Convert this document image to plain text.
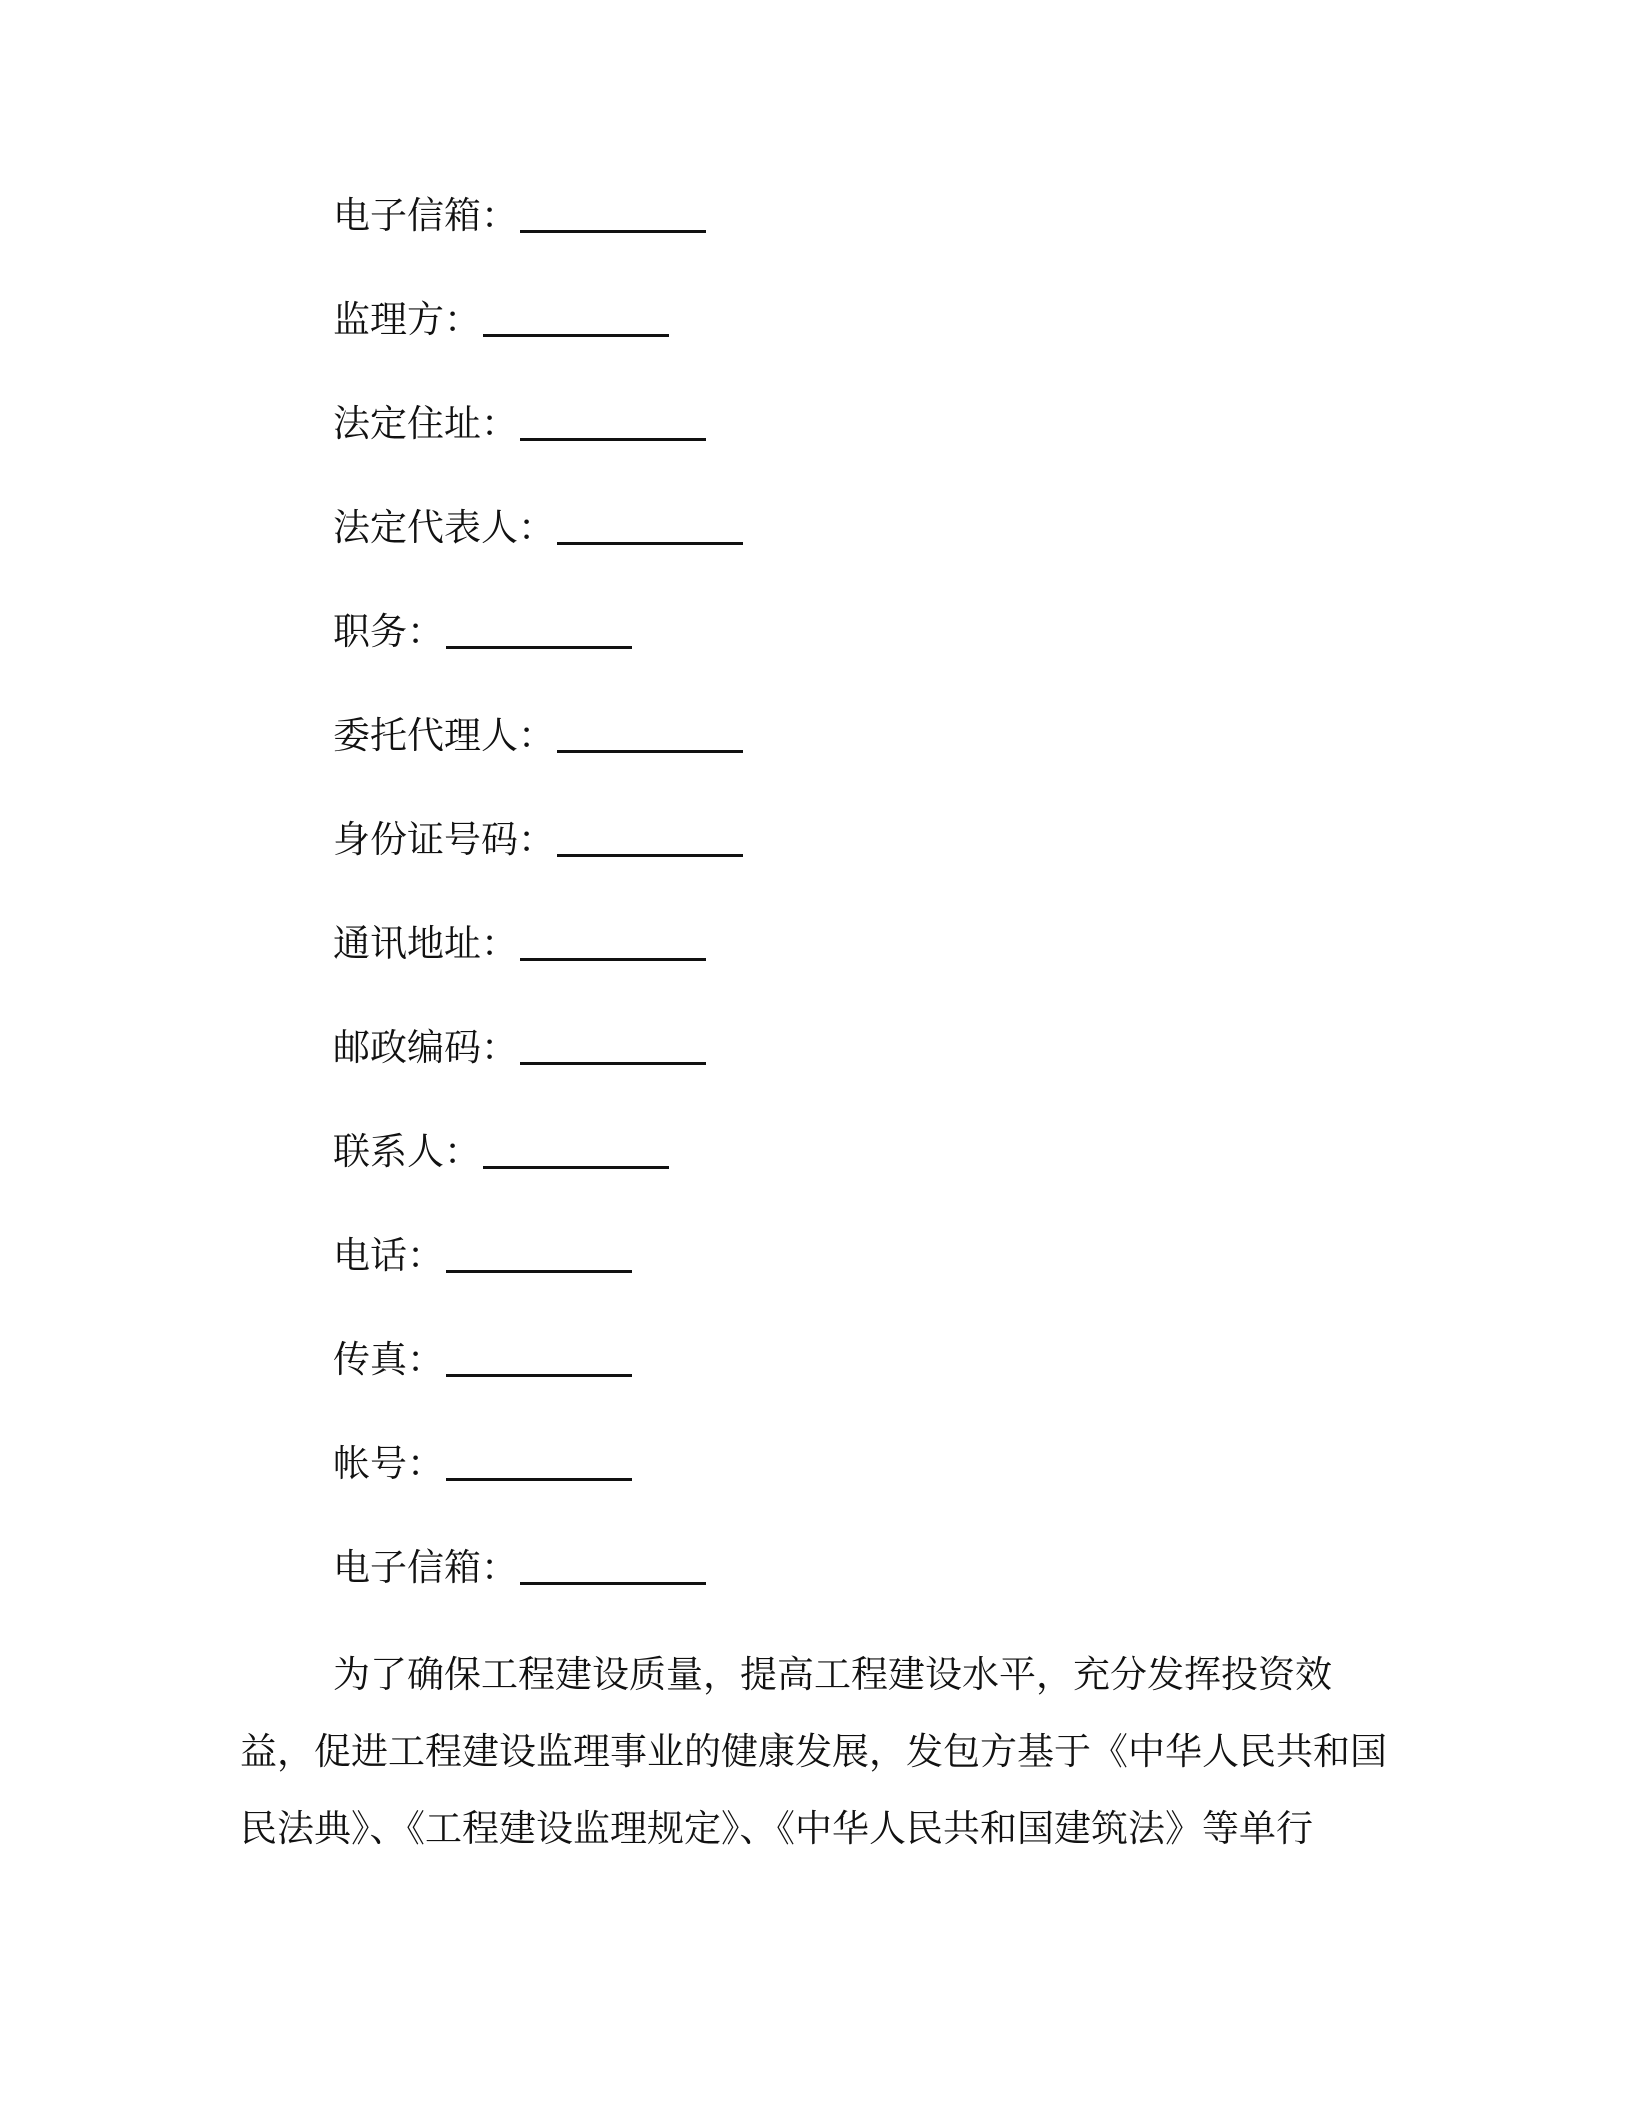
电子信箱：
监理方：
法定住址：
法定代表人：
职务：
委托代理人：
身份证号码：
通讯地址：
邮政编码：
联系人：
电话：
传真：
帐号：
电子信箱：

为了确保工程建设质量，提高工程建设水平，充分发挥投资效益，促进工程建设监理事业的健康发展，发包方基于《中华人民共和国民法典》、《工程建设监理规定》、《中华人民共和国建筑法》等单行
